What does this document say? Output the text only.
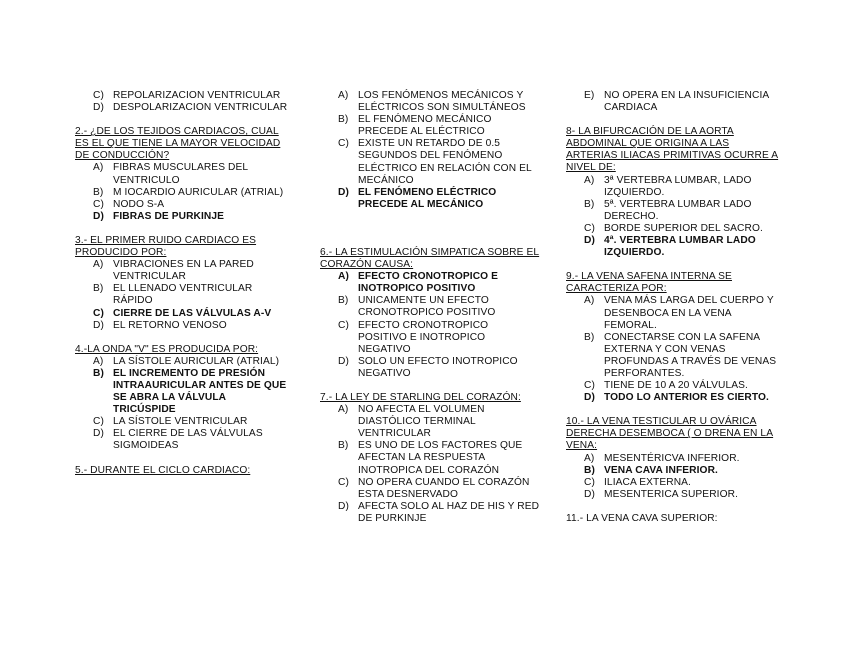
C) REPOLARIZACION VENTRICULAR
D) DESPOLARIZACION VENTRICULAR
2.- ¿DE LOS TEJIDOS CARDIACOS, CUAL ES EL QUE TIENE LA MAYOR VELOCIDAD DE CONDUCCIÓN?
A) FIBRAS MUSCULARES DEL VENTRICULO
B) M IOCARDIO AURICULAR (ATRIAL)
C) NODO S-A
D) FIBRAS DE PURKINJE
3.- EL PRIMER RUIDO CARDIACO ES PRODUCIDO POR:
A) VIBRACIONES EN LA PARED VENTRICULAR
B) EL LLENADO VENTRICULAR RÁPIDO
C) CIERRE DE LAS VÁLVULAS A-V
D) EL RETORNO VENOSO
4.-LA ONDA "V" ES PRODUCIDA POR:
A) LA SÍSTOLE AURICULAR (ATRIAL)
B) EL INCREMENTO DE PRESIÓN INTRAAURICULAR ANTES DE QUE SE ABRA LA VÁLVULA TRICÚSPIDE
C) LA SÍSTOLE VENTRICULAR
D) EL CIERRE DE LAS VÁLVULAS SIGMOIDEAS
5.- DURANTE EL CICLO CARDIACO:
A) LOS FENÓMENOS MECÁNICOS Y ELÉCTRICOS SON SIMULTÁNEOS
B) EL FENÓMENO MECÁNICO PRECEDE AL ELÉCTRICO
C) EXISTE UN RETARDO DE 0.5 SEGUNDOS DEL FENÓMENO ELÉCTRICO EN RELACIÓN CON EL MECÁNICO
D) EL FENÓMENO ELÉCTRICO PRECEDE AL MECÁNICO
6.- LA ESTIMULACIÓN SIMPATICA SOBRE EL CORAZÓN CAUSA:
A) EFECTO CRONOTROPICO E INOTROPICO POSITIVO
B) UNICAMENTE UN EFECTO CRONOTROPICO POSITIVO
C) EFECTO CRONOTROPICO POSITIVO E INOTROPICO NEGATIVO
D) SOLO UN EFECTO INOTROPICO NEGATIVO
7.- LA LEY DE STARLING DEL CORAZÓN:
A) NO AFECTA EL VOLUMEN DIASTÓLICO TERMINAL VENTRICULAR
B) ES UNO DE LOS FACTORES QUE AFECTAN LA RESPUESTA INOTROPICA DEL CORAZÓN
C) NO OPERA CUANDO EL CORAZÓN ESTA DESNERVADO
D) AFECTA SOLO AL HAZ DE HIS Y RED DE PURKINJE
E) NO OPERA EN LA INSUFICIENCIA CARDIACA
8- LA BIFURCACIÓN DE LA AORTA ABDOMINAL QUE ORIGINA A LAS ARTERIAS ILIACAS PRIMITIVAS OCURRE A NIVEL DE:
A) 3ª VERTEBRA LUMBAR, LADO IZQUIERDO.
B) 5ª. VERTEBRA LUMBAR LADO DERECHO.
C) BORDE SUPERIOR DEL SACRO.
D) 4ª. VERTEBRA LUMBAR LADO IZQUIERDO.
9.- LA VENA SAFENA INTERNA SE CARACTERIZA POR:
A) VENA MÁS LARGA DEL CUERPO Y DESENBOCA EN LA VENA FEMORAL.
B) CONECTARSE CON LA SAFENA EXTERNA Y CON VENAS PROFUNDAS A TRAVÉS DE VENAS PERFORANTES.
C) TIENE DE 10 A 20 VÁLVULAS.
D) TODO LO ANTERIOR ES CIERTO.
10.- LA VENA TESTICULAR U OVÁRICA DERECHA DESEMBOCA ( O DRENA EN LA VENA:
A) MESENTÉRICVA INFERIOR.
B) VENA CAVA INFERIOR.
C) ILIACA EXTERNA.
D) MESENTERICA SUPERIOR.
11.- LA VENA CAVA SUPERIOR:
